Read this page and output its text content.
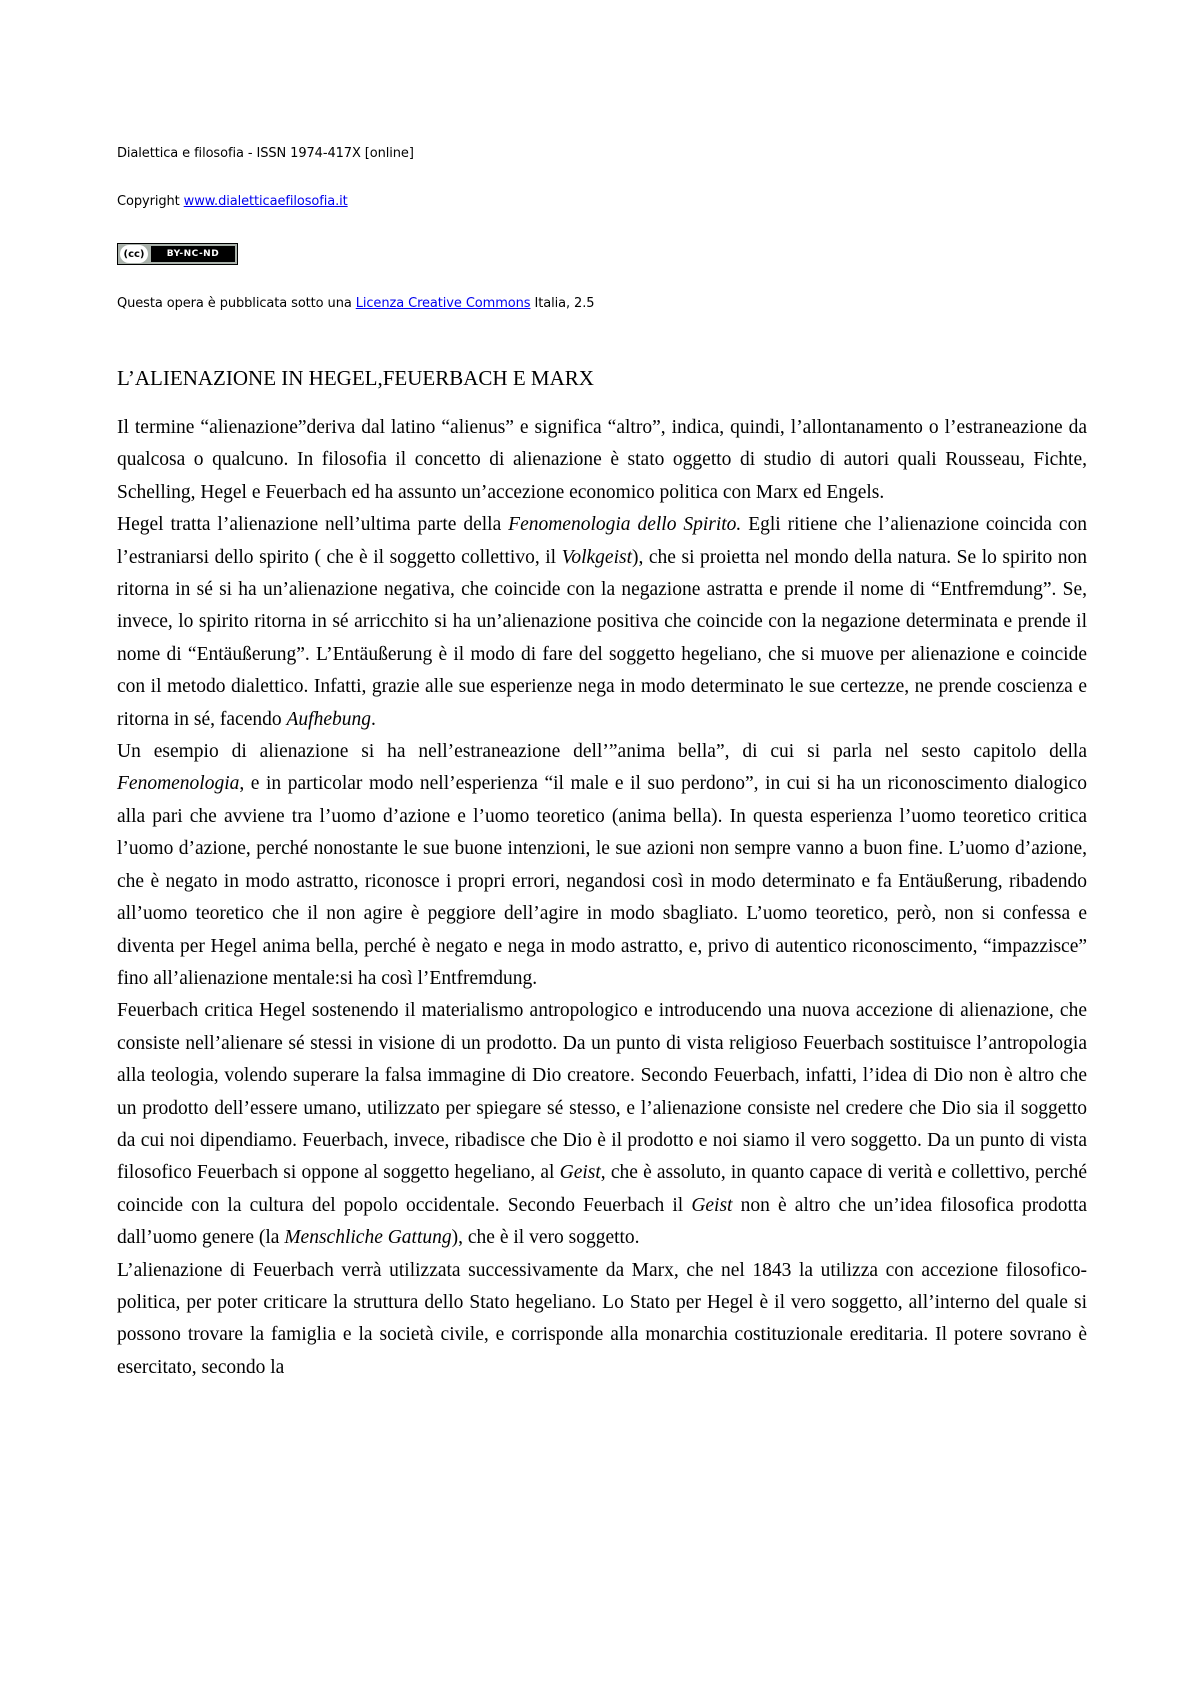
Dialettica e filosofia - ISSN 1974-417X [online]
Copyright www.dialetticaefilosofia.it
(cc)	BY-NC-ND
Questa opera è pubblicata sotto una Licenza Creative Commons Italia, 2.5
L’ALIENAZIONE IN HEGEL,FEUERBACH E MARX

Il termine “alienazione”deriva dal latino “alienus” e significa “altro”, indica, quindi, l’allontanamento o l’estraneazione da qualcosa o qualcuno. In filosofia il concetto di alienazione è stato oggetto di studio di autori quali Rousseau, Fichte, Schelling, Hegel e Feuerbach ed ha assunto un’accezione economico politica con Marx ed Engels.

Hegel tratta l’alienazione nell’ultima parte della Fenomenologia dello Spirito. Egli ritiene che l’alienazione coincida con l’estraniarsi dello spirito ( che è il soggetto collettivo, il Volkgeist), che si proietta nel mondo della natura. Se lo spirito non ritorna in sé si ha un’alienazione negativa, che coincide con la negazione astratta e prende il nome di “Entfremdung”. Se, invece, lo spirito ritorna in sé arricchito si ha un’alienazione positiva che coincide con la negazione determinata e prende il nome di “Entäußerung”. L’Entäußerung è il modo di fare del soggetto hegeliano, che si muove per alienazione e coincide con il metodo dialettico. Infatti, grazie alle sue esperienze nega in modo determinato le sue certezze, ne prende coscienza e ritorna in sé, facendo Aufhebung.

Un esempio di alienazione si ha nell’estraneazione dell’”anima bella”, di cui si parla nel sesto capitolo della Fenomenologia, e in particolar modo nell’esperienza “il male e il suo perdono”, in cui si ha un riconoscimento dialogico alla pari che avviene tra l’uomo d’azione e l’uomo teoretico (anima bella). In questa esperienza l’uomo teoretico critica l’uomo d’azione, perché nonostante le sue buone intenzioni, le sue azioni non sempre vanno a buon fine. L’uomo d’azione, che è negato in modo astratto, riconosce i propri errori, negandosi così in modo determinato e fa Entäußerung, ribadendo all’uomo teoretico che il non agire è peggiore dell’agire in modo sbagliato. L’uomo teoretico, però, non si confessa e diventa per Hegel anima bella, perché è negato e nega in modo astratto, e, privo di autentico riconoscimento, “impazzisce” fino all’alienazione mentale:si ha così l’Entfremdung.

Feuerbach critica Hegel sostenendo il materialismo antropologico e introducendo una nuova accezione di alienazione, che consiste nell’alienare sé stessi in visione di un prodotto. Da un punto di vista religioso Feuerbach sostituisce l’antropologia alla teologia, volendo superare la falsa immagine di Dio creatore. Secondo Feuerbach, infatti, l’idea di Dio non è altro che un prodotto dell’essere umano, utilizzato per spiegare sé stesso, e l’alienazione consiste nel credere che Dio sia il soggetto da cui noi dipendiamo. Feuerbach, invece, ribadisce che Dio è il prodotto e noi siamo il vero soggetto. Da un punto di vista filosofico Feuerbach si oppone al soggetto hegeliano, al Geist, che è assoluto, in quanto capace di verità e collettivo, perché coincide con la cultura del popolo occidentale. Secondo Feuerbach il Geist non è altro che un’idea filosofica prodotta dall’uomo genere (la Menschliche Gattung), che è il vero soggetto.

L’alienazione di Feuerbach verrà utilizzata successivamente da Marx, che nel 1843 la utilizza con accezione filosofico-politica, per poter criticare la struttura dello Stato hegeliano. Lo Stato per Hegel è il vero soggetto, all’interno del quale si possono trovare la famiglia e la società civile, e corrisponde alla monarchia costituzionale ereditaria. Il potere sovrano è esercitato, secondo la
